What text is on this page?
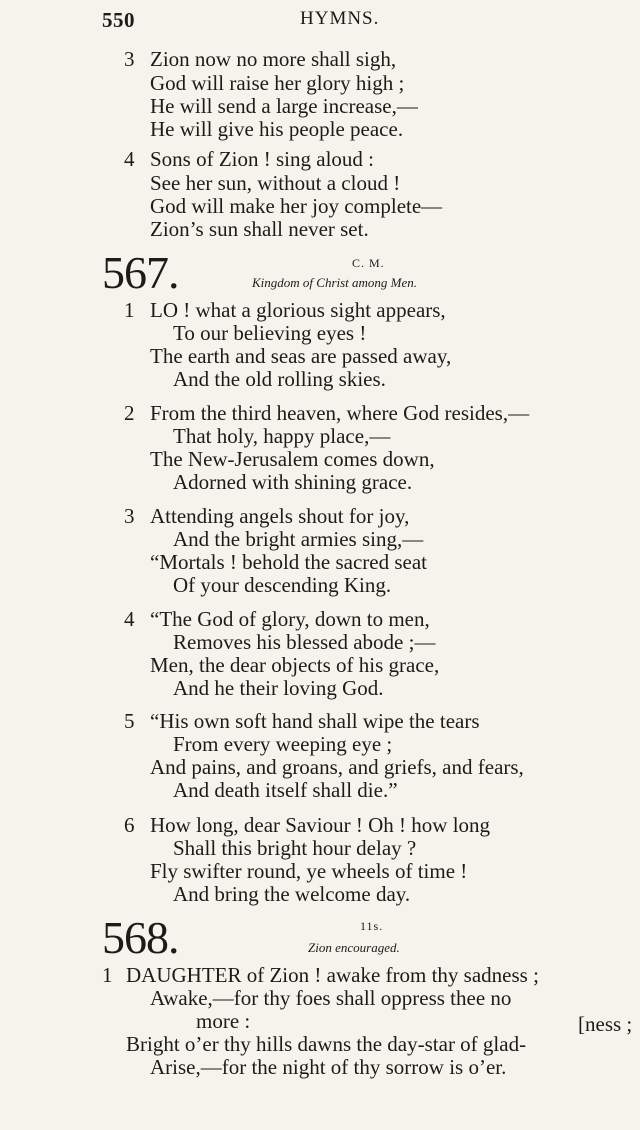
550	HYMNS.
3 Zion now no more shall sigh,
God will raise her glory high ;
He will send a large increase,—
He will give his people peace.
4 Sons of Zion ! sing aloud :
See her sun, without a cloud !
God will make her joy complete—
Zion’s sun shall never set.
567.	C. M.
Kingdom of Christ among Men.
1 LO ! what a glorious sight appears,
To our believing eyes !
The earth and seas are passed away,
And the old rolling skies.
2 From the third heaven, where God resides,—
That holy, happy place,—
The New-Jerusalem comes down,
Adorned with shining grace.
3 Attending angels shout for joy,
And the bright armies sing,—
“Mortals ! behold the sacred seat
Of your descending King.
4 “The God of glory, down to men,
Removes his blessed abode ;—
Men, the dear objects of his grace,
And he their loving God.
5 “His own soft hand shall wipe the tears
From every weeping eye ;
And pains, and groans, and griefs, and fears,
And death itself shall die.”
6 How long, dear Saviour ! Oh ! how long
Shall this bright hour delay ?
Fly swifter round, ye wheels of time !
And bring the welcome day.
568.	11s.
Zion encouraged.
1 DAUGHTER of Zion ! awake from thy sadness ;
Awake,—for thy foes shall oppress thee no
more :	[ness ;
Bright o’er thy hills dawns the day-star of glad-
Arise,—for the night of thy sorrow is o’er.
